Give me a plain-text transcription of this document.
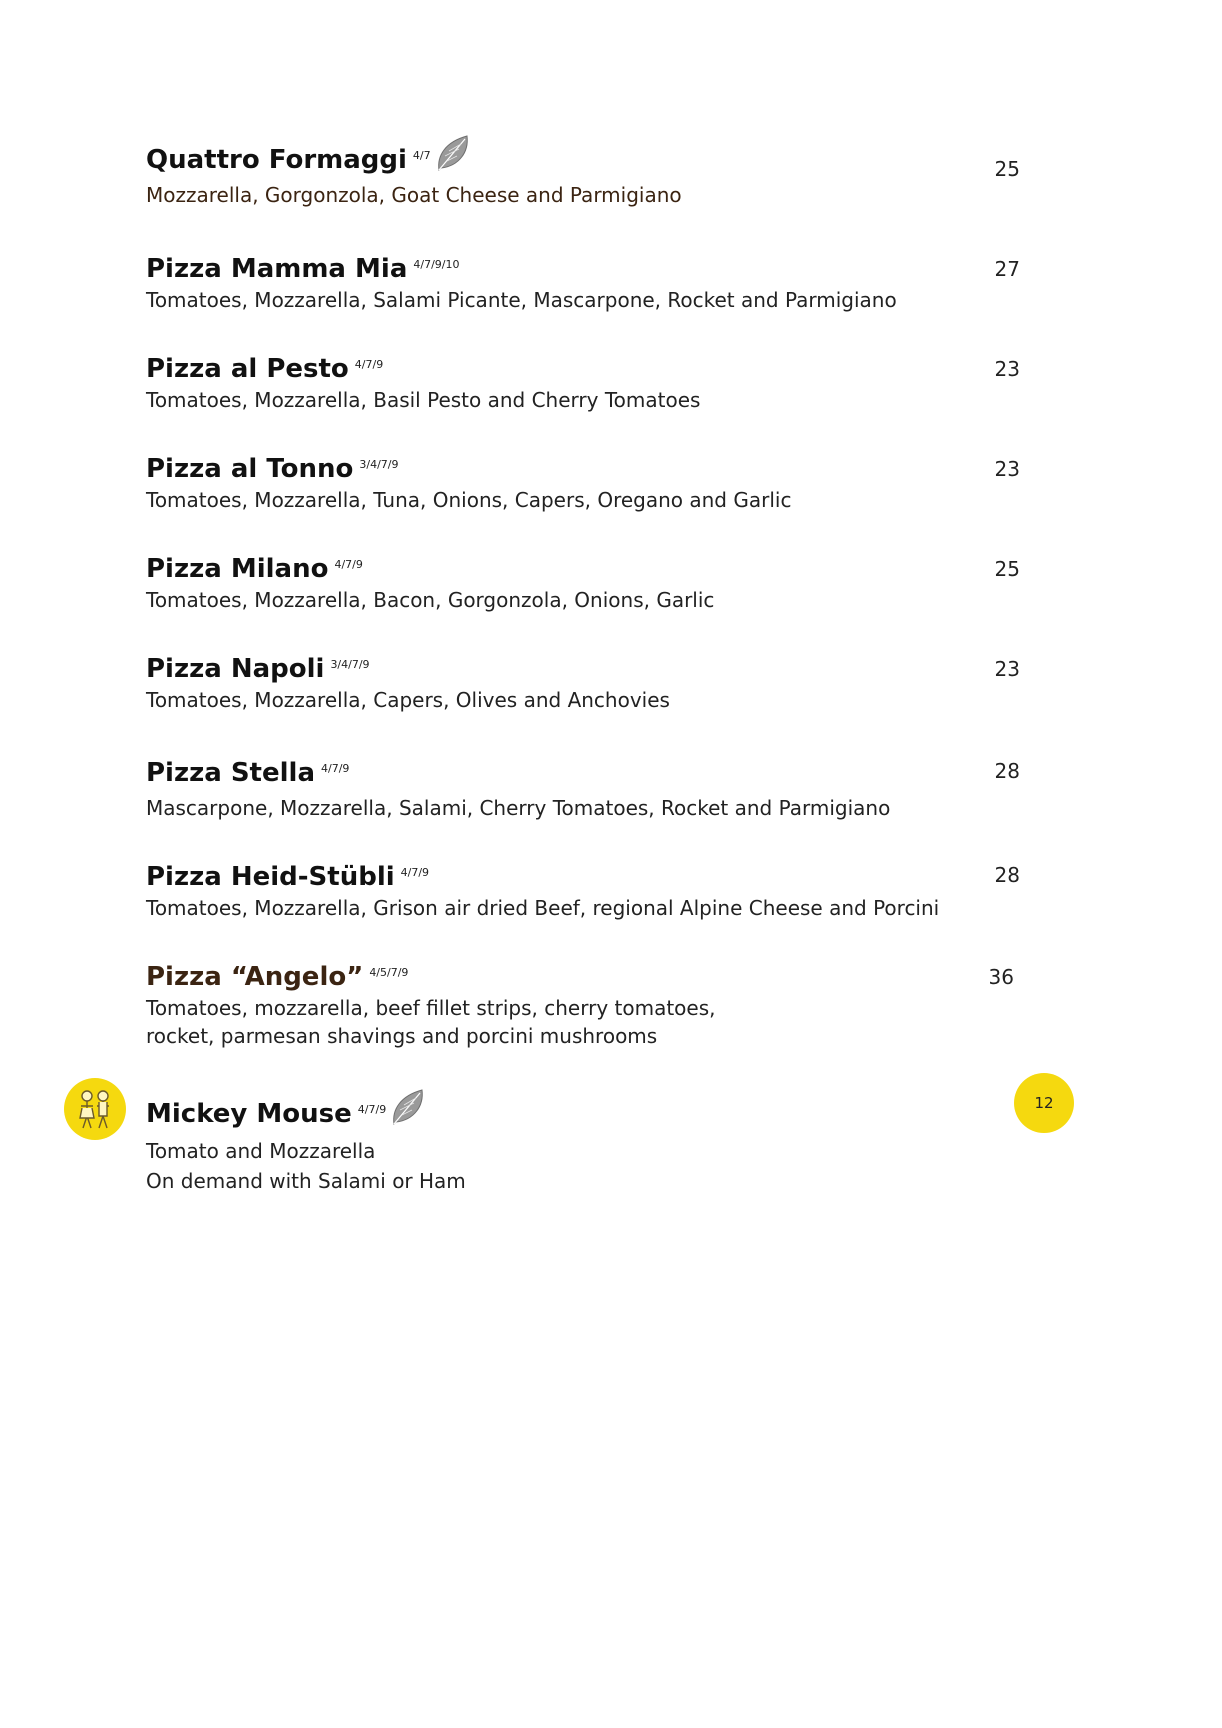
Quattro Formaggi $^{4/7}$
Mozzarella, Gorgonzola, Goat Cheese and Parmigiano
25
Pizza Mamma Mia $^{4/7/9/10}$
Tomatoes, Mozzarella, Salami Picante, Mascarpone, Rocket and Parmigiano
27
Pizza al Pesto $^{4/7/9}$
Tomatoes, Mozzarella, Basil Pesto and Cherry Tomatoes
23
Pizza al Tonno $^{3/4/7/9}$
Tomatoes, Mozzarella, Tuna, Onions, Capers, Oregano and Garlic
23
Pizza Milano $^{4/7/9}$
Tomatoes, Mozzarella, Bacon, Gorgonzola, Onions, Garlic
25
Pizza Napoli $^{3/4/7/9}$
Tomatoes, Mozzarella, Capers, Olives and Anchovies
23
Pizza Stella $^{4/7/9}$
Mascarpone, Mozzarella, Salami, Cherry Tomatoes, Rocket and Parmigiano
28
Pizza Heid-Stübli $^{4/7/9}$
Tomatoes, Mozzarella, Grison air dried Beef, regional Alpine Cheese and Porcini
28
Pizza “Angelo” $^{4/5/7/9}$
Tomatoes, mozzarella, beef fillet strips, cherry tomatoes,
rocket, parmesan shavings and porcini mushrooms
36
Mickey Mouse $^{4/7/9}$
Tomato and Mozzarella
On demand with Salami or Ham
12
